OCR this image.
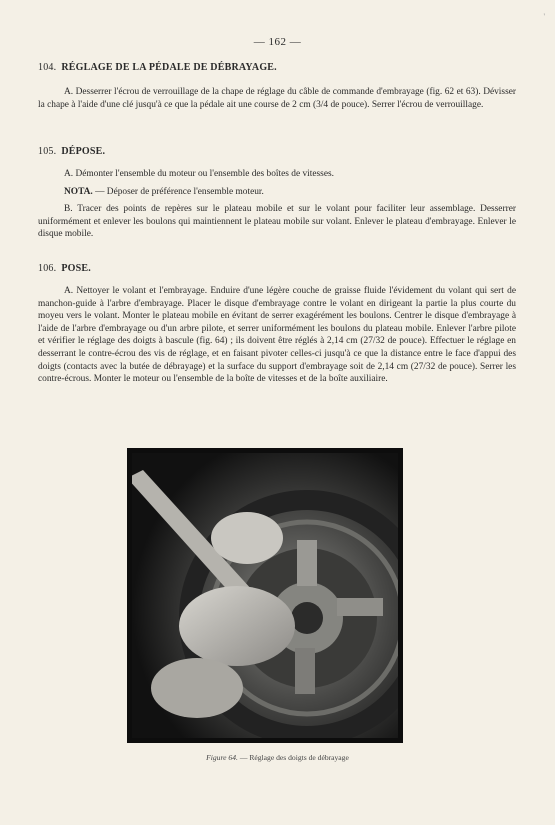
'
— 162 —
104. RÉGLAGE DE LA PÉDALE DE DÉBRAYAGE.

A. Desserrer l'écrou de verrouillage de la chape de réglage du câble de commande d'embrayage (fig. 62 et 63). Dévisser la chape à l'aide d'une clé jusqu'à ce que la pédale ait une course de 2 cm (3/4 de pouce). Serrer l'écrou de verrouillage.

105. DÉPOSE.

A. Démonter l'ensemble du moteur ou l'ensemble des boîtes de vitesses.

NOTA. — Déposer de préférence l'ensemble moteur.

B. Tracer des points de repères sur le plateau mobile et sur le volant pour faciliter leur assemblage. Desserrer uniformément et enlever les boulons qui maintiennent le plateau mobile sur volant. Enlever le plateau d'embrayage. Enlever le disque mobile.

106. POSE.

A. Nettoyer le volant et l'embrayage. Enduire d'une légère couche de graisse fluide l'évidement du volant qui sert de manchon-guide à l'arbre d'embrayage. Placer le disque d'embrayage contre le volant en dirigeant la partie la plus courte du moyeu vers le volant. Monter le plateau mobile en évitant de serrer exagérément les boulons. Centrer le disque d'embrayage à l'aide de l'arbre d'embrayage ou d'un arbre pilote, et serrer uniformément les boulons du plateau mobile. Enlever l'arbre pilote et vérifier le réglage des doigts à bascule (fig. 64) ; ils doivent être réglés à 2,14 cm (27/32 de pouce). Effectuer le réglage en desserrant le contre-écrou des vis de réglage, et en faisant pivoter celles-ci jusqu'à ce que la distance entre le face d'appui des doigts (contacts avec la butée de débrayage) et la surface du support d'embrayage soit de 2,14 cm (27/32 de pouce). Serrer les contre-écrous. Monter le moteur ou l'ensemble de la boîte de vitesses et de la boîte auxiliaire.

Figure 64. — Réglage des doigts de débrayage
